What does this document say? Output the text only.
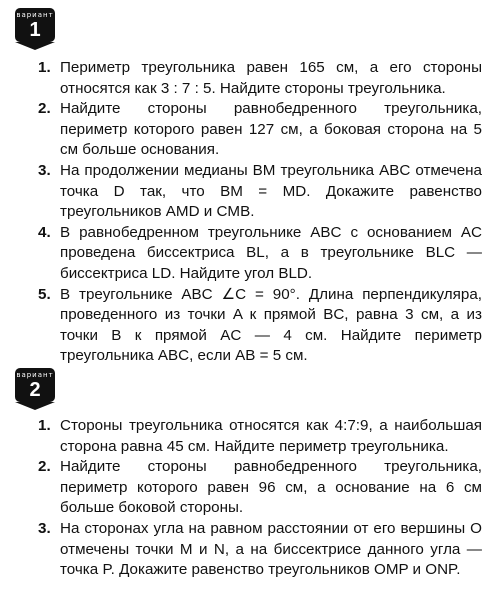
вариант
1
1. Периметр треугольника равен 165 см, а его стороны относятся как 3 : 7 : 5. Найдите стороны треугольника.
2. Найдите стороны равнобедренного треугольника, периметр которого равен 127 см, а боковая сторона на 5 см больше основания.
3. На продолжении медианы BM треугольника ABC отмечена точка D так, что BM = MD. Докажите равенство треугольников AMD и CMB.
4. В равнобедренном треугольнике ABC с основанием AC проведена биссектриса BL, а в треугольнике BLC — биссектриса LD. Найдите угол BLD.
5. В треугольнике ABC ∠C = 90°. Длина перпендикуляра, проведенного из точки A к прямой BC, равна 3 см, а из точки B к прямой AC — 4 см. Найдите периметр треугольника ABC, если AB = 5 см.
вариант
2
1. Стороны треугольника относятся как 4:7:9, а наибольшая сторона равна 45 см. Найдите периметр треугольника.
2. Найдите стороны равнобедренного треугольника, периметр которого равен 96 см, а основание на 6 см больше боковой стороны.
3. На сторонах угла на равном расстоянии от его вершины O отмечены точки M и N, а на биссектрисе данного угла — точка P. Докажите равенство треугольников OMP и ONP.
